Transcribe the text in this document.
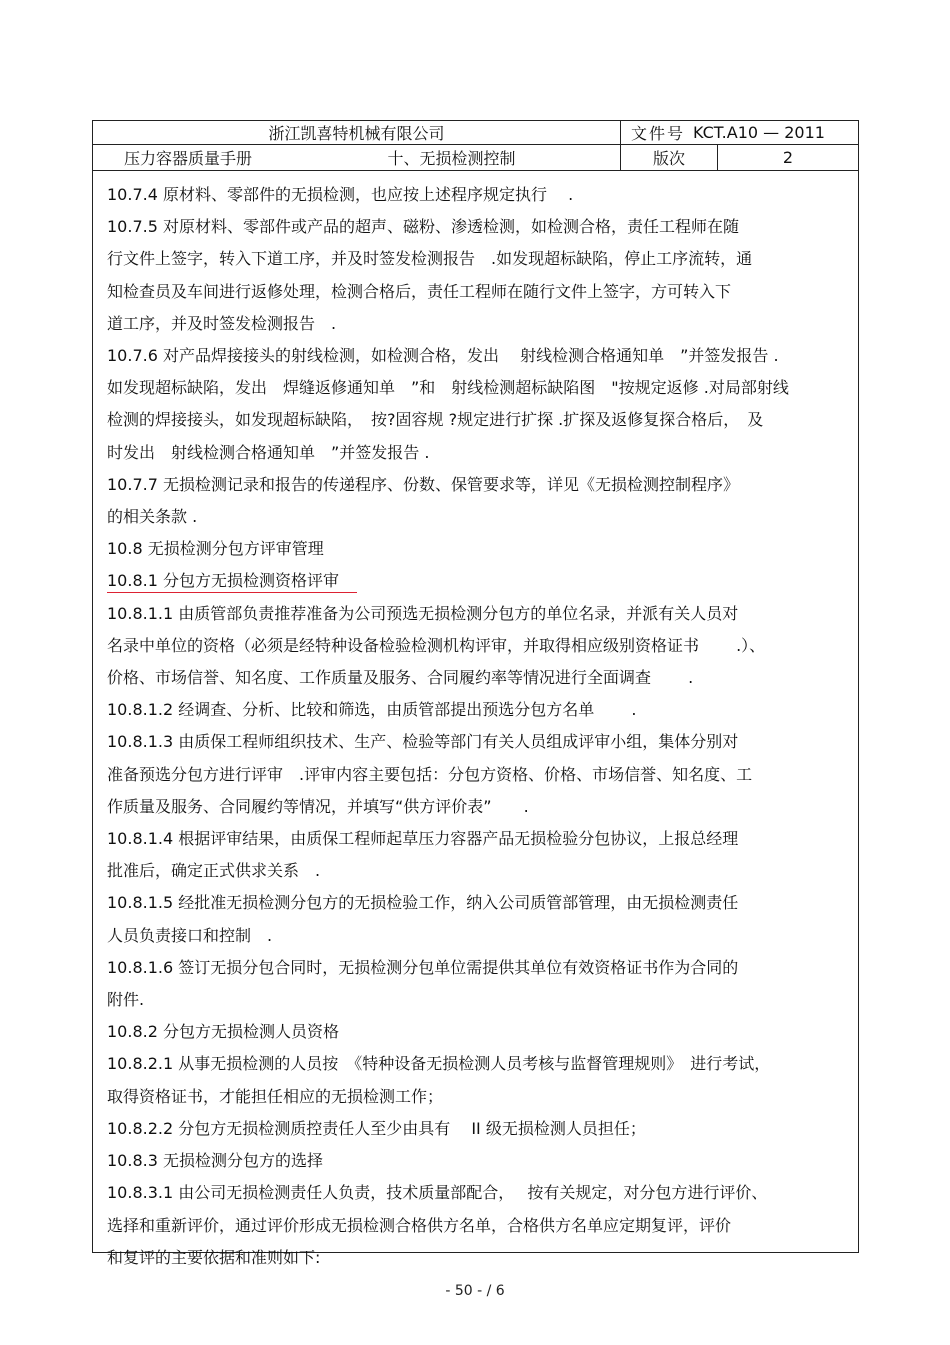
浙江凯喜特机械有限公司	文件号 KCT.A10 — 2011
压力容器质量手册	十、无损检测控制	版次	2
10.7.4 原材料、零部件的无损检测，也应按上述程序规定执行　 .
10.7.5 对原材料、零部件或产品的超声、磁粉、渗透检测，如检测合格，责任工程师在随
行文件上签字，转入下道工序，并及时签发检测报告　.如发现超标缺陷，停止工序流转，通
知检查员及车间进行返修处理，检测合格后，责任工程师在随行文件上签字，方可转入下
道工序，并及时签发检测报告　.
10.7.6 对产品焊接接头的射线检测，如检测合格，发出　 射线检测合格通知单　”并签发报告 .
如发现超标缺陷，发出　焊缝返修通知单　”和　射线检测超标缺陷图　"按规定返修 .对局部射线
检测的焊接接头，如发现超标缺陷，　按?固容规 ?规定进行扩探 .扩探及返修复探合格后，　及
时发出　射线检测合格通知单　”并签发报告 .
10.7.7 无损检测记录和报告的传递程序、份数、保管要求等，详见《无损检测控制程序》
的相关条款 .
10.8 无损检测分包方评审管理
10.8.1 分包方无损检测资格评审
10.8.1.1 由质管部负责推荐准备为公司预选无损检测分包方的单位名录，并派有关人员对
名录中单位的资格（必须是经特种设备检验检测机构评审，并取得相应级别资格证书　　 .）、
价格、市场信誉、知名度、工作质量及服务、合同履约率等情况进行全面调查　　 .
10.8.1.2 经调查、分析、比较和筛选，由质管部提出预选分包方名单　　 .
10.8.1.3 由质保工程师组织技术、生产、检验等部门有关人员组成评审小组，集体分别对
准备预选分包方进行评审　.评审内容主要包括：分包方资格、价格、市场信誉、知名度、工
作质量及服务、合同履约等情况，并填写“供方评价表”　　.
10.8.1.4 根据评审结果，由质保工程师起草压力容器产品无损检验分包协议，上报总经理
批准后，确定正式供求关系　.
10.8.1.5 经批准无损检测分包方的无损检验工作，纳入公司质管部管理，由无损检测责任
人员负责接口和控制　.
10.8.1.6 签订无损分包合同时，无损检测分包单位需提供其单位有效资格证书作为合同的
附件.
10.8.2 分包方无损检测人员资格
10.8.2.1 从事无损检测的人员按　《特种设备无损检测人员考核与监督管理规则》　进行考试，
取得资格证书，才能担任相应的无损检测工作；
10.8.2.2 分包方无损检测质控责任人至少由具有　 II 级无损检测人员担任；
10.8.3 无损检测分包方的选择
10.8.3.1 由公司无损检测责任人负责，技术质量部配合，　 按有关规定，对分包方进行评价、
选择和重新评价，通过评价形成无损检测合格供方名单，合格供方名单应定期复评，评价
和复评的主要依据和准则如下:
- 50 - / 6
